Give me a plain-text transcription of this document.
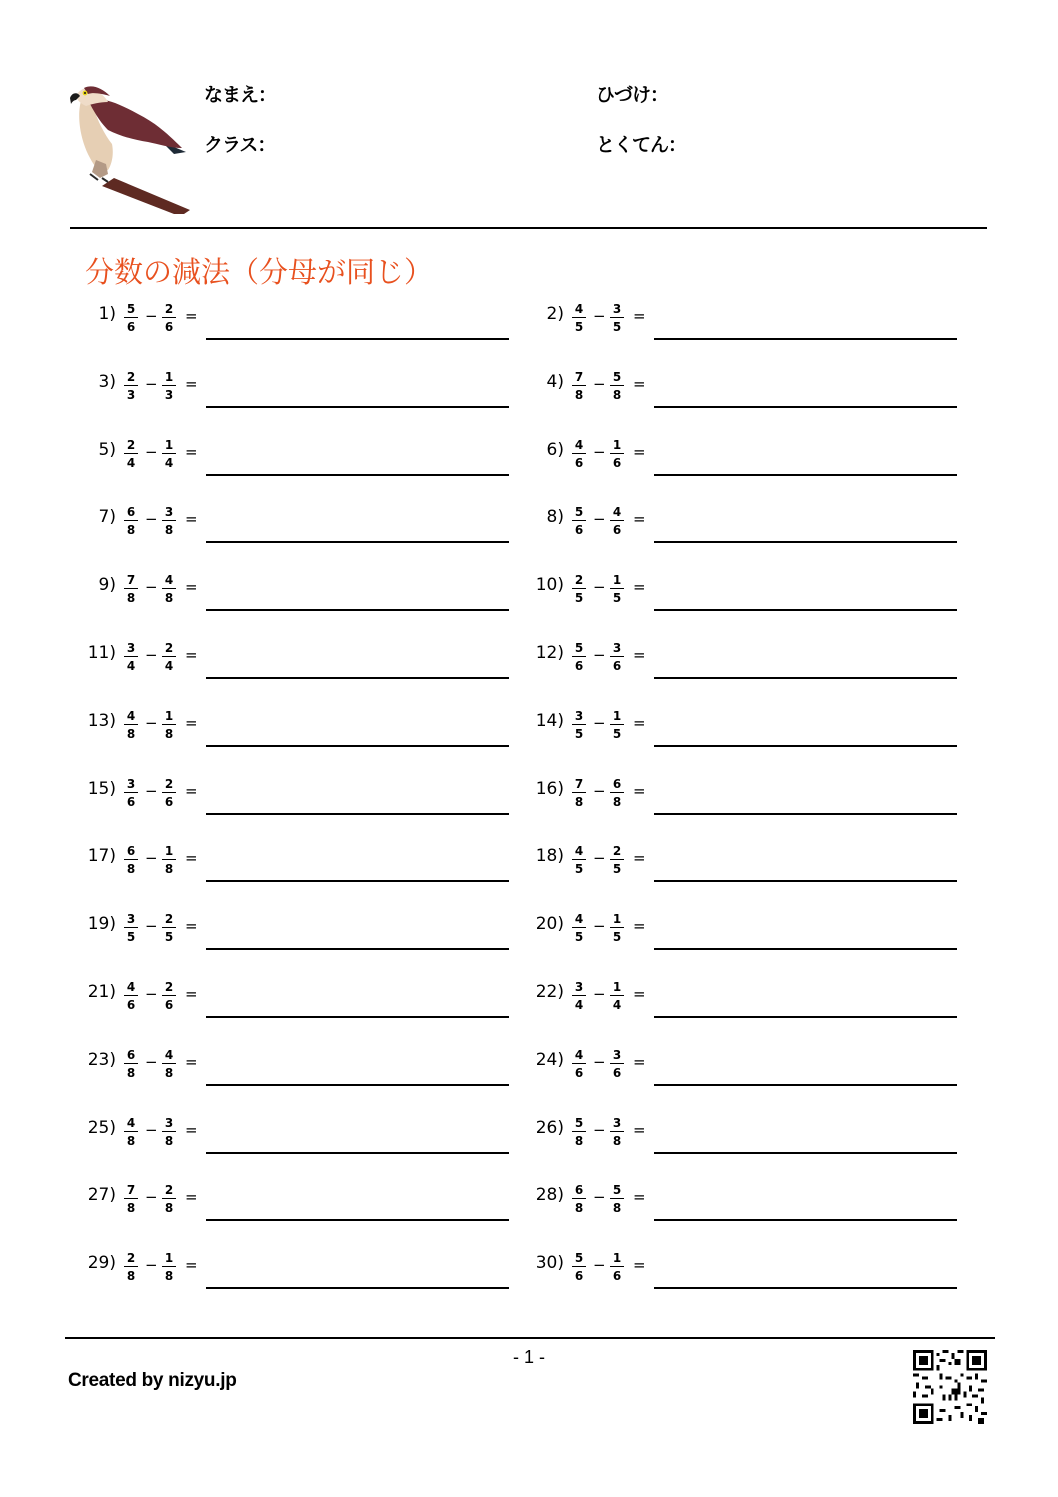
なまえ：	ひづけ：
クラス：	とくてん：
分数の減法（分母が同じ）
$1) \frac{5}{6} - \frac{2}{6}$ =	$2) \frac{4}{5} - \frac{3}{5}$ =
$3) \frac{2}{3} - \frac{1}{3}$ =	$4) \frac{7}{8} - \frac{5}{8}$ =
$5) \frac{2}{4} - \frac{1}{4}$ =	$6) \frac{4}{6} - \frac{1}{6}$ =
$7) \frac{6}{8} - \frac{3}{8}$ =	$8) \frac{5}{6} - \frac{4}{6}$ =
$9) \frac{7}{8} - \frac{4}{8}$ =	$10) \frac{2}{5} - \frac{1}{5}$ =
$11) \frac{3}{4} - \frac{2}{4}$ =	$12) \frac{5}{6} - \frac{3}{6}$ =
$13) \frac{4}{8} - \frac{1}{8}$ =	$14) \frac{3}{5} - \frac{1}{5}$ =
$15) \frac{3}{6} - \frac{2}{6}$ =	$16) \frac{7}{8} - \frac{6}{8}$ =
$17) \frac{6}{8} - \frac{1}{8}$ =	$18) \frac{4}{5} - \frac{2}{5}$ =
$19) \frac{3}{5} - \frac{2}{5}$ =	$20) \frac{4}{5} - \frac{1}{5}$ =
$21) \frac{4}{6} - \frac{2}{6}$ =	$22) \frac{3}{4} - \frac{1}{4}$ =
$23) \frac{6}{8} - \frac{4}{8}$ =	$24) \frac{4}{6} - \frac{3}{6}$ =
$25) \frac{4}{8} - \frac{3}{8}$ =	$26) \frac{5}{8} - \frac{3}{8}$ =
$27) \frac{7}{8} - \frac{2}{8}$ =	$28) \frac{6}{8} - \frac{5}{8}$ =
$29) \frac{2}{8} - \frac{1}{8}$ =	$30) \frac{5}{6} - \frac{1}{6}$ =
- 1 -
Created by nizyu.jp
